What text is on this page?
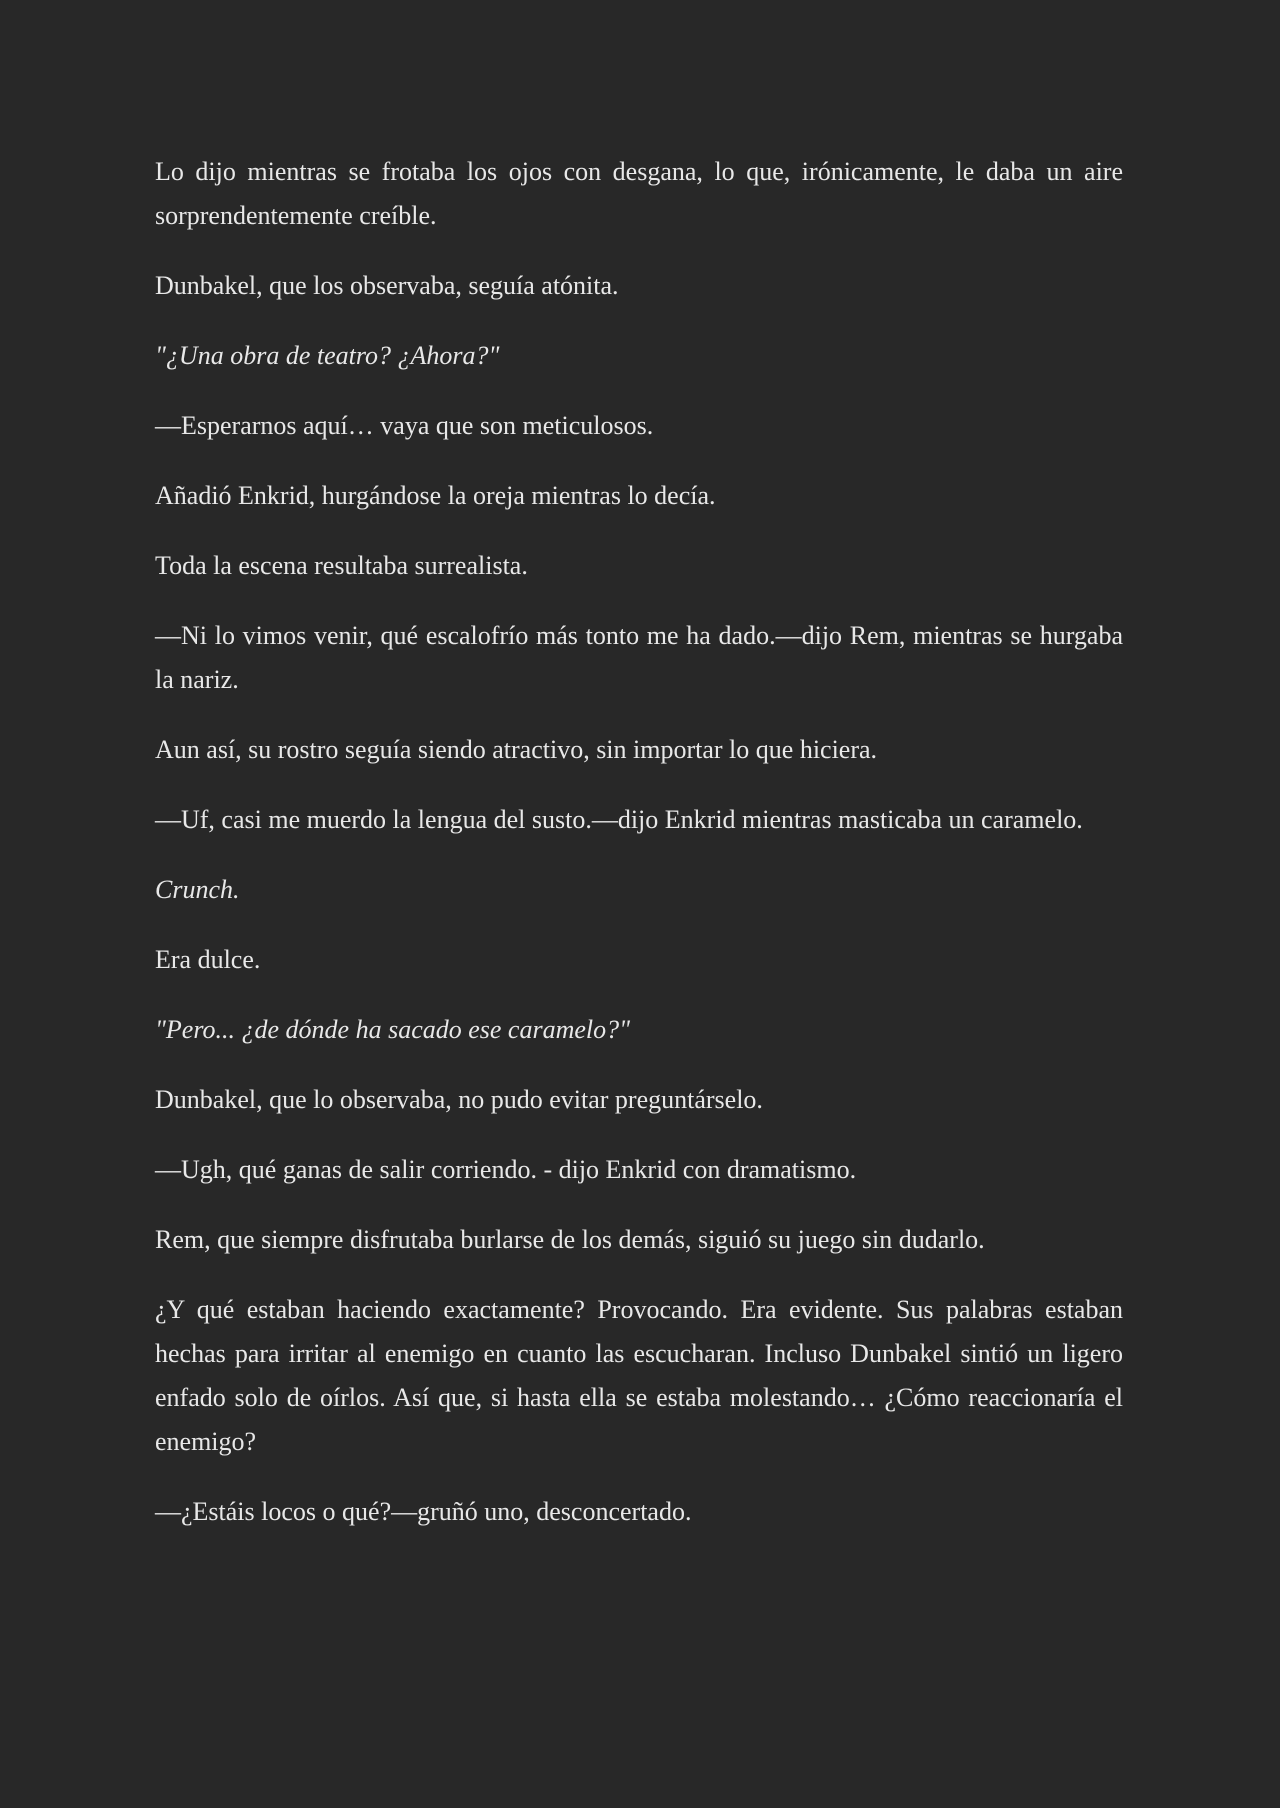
Lo dijo mientras se frotaba los ojos con desgana, lo que, irónicamente, le daba un aire sorprendentemente creíble.

Dunbakel, que los observaba, seguía atónita.

"¿Una obra de teatro? ¿Ahora?"

—Esperarnos aquí… vaya que son meticulosos.

Añadió Enkrid, hurgándose la oreja mientras lo decía.

Toda la escena resultaba surrealista.

—Ni lo vimos venir, qué escalofrío más tonto me ha dado.—dijo Rem, mientras se hurgaba la nariz.

Aun así, su rostro seguía siendo atractivo, sin importar lo que hiciera.

—Uf, casi me muerdo la lengua del susto.—dijo Enkrid mientras masticaba un caramelo.

Crunch.

Era dulce.

"Pero... ¿de dónde ha sacado ese caramelo?"

Dunbakel, que lo observaba, no pudo evitar preguntárselo.

—Ugh, qué ganas de salir corriendo. - dijo Enkrid con dramatismo.

Rem, que siempre disfrutaba burlarse de los demás, siguió su juego sin dudarlo.

¿Y qué estaban haciendo exactamente? Provocando. Era evidente. Sus palabras estaban hechas para irritar al enemigo en cuanto las escucharan. Incluso Dunbakel sintió un ligero enfado solo de oírlos. Así que, si hasta ella se estaba molestando… ¿Cómo reaccionaría el enemigo?

—¿Estáis locos o qué?—gruñó uno, desconcertado.
